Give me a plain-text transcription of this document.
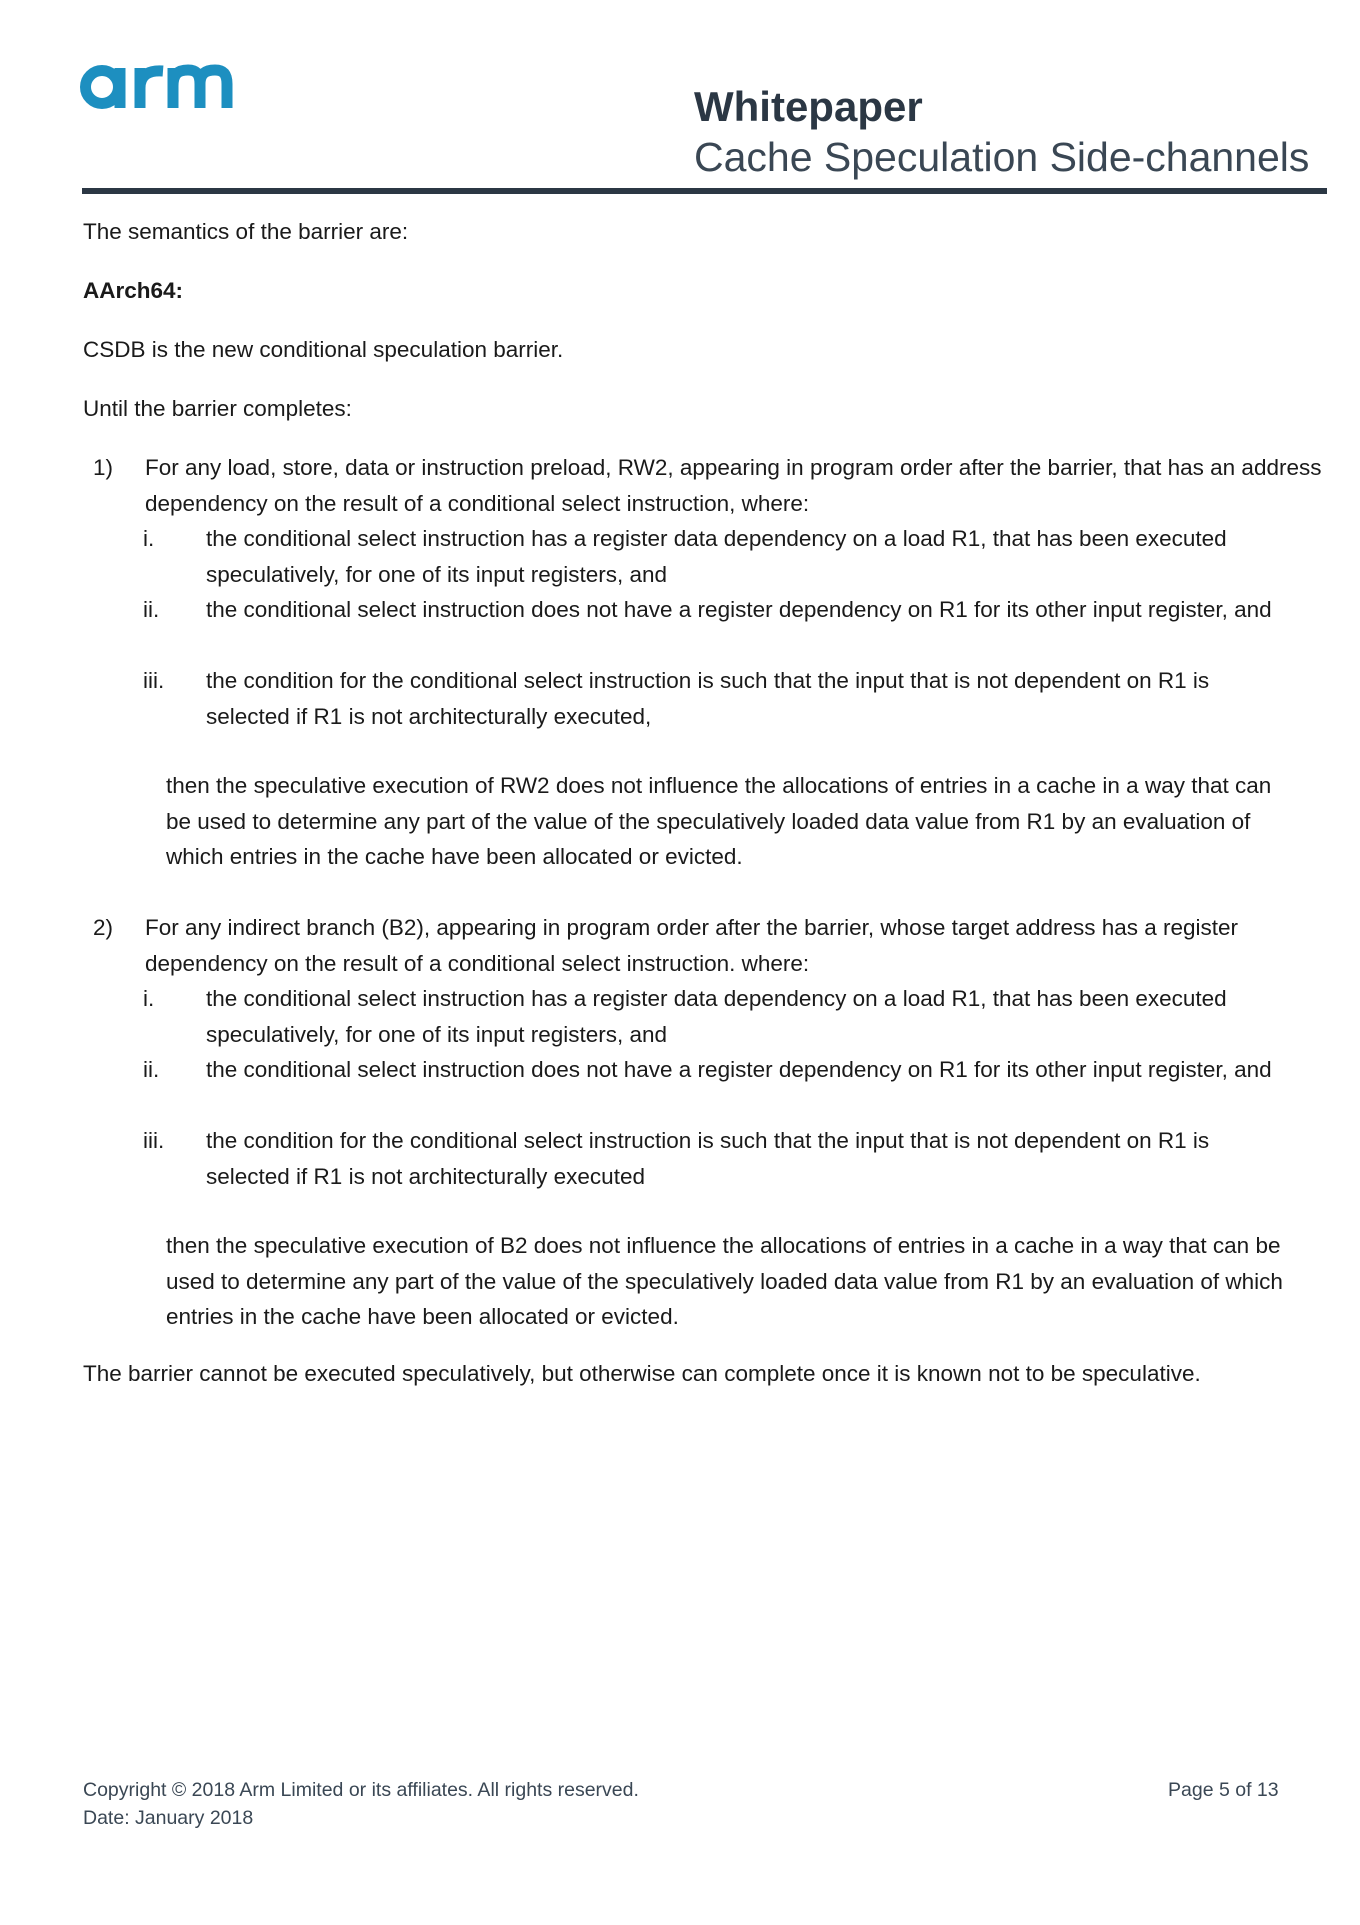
Whitepaper
Cache Speculation Side-channels
The semantics of the barrier are:
AArch64:
CSDB is the new conditional speculation barrier.
Until the barrier completes:
1) For any load, store, data or instruction preload, RW2, appearing in program order after the barrier, that has an address dependency on the result of a conditional select instruction, where:
i. the conditional select instruction has a register data dependency on a load R1, that has been executed speculatively, for one of its input registers, and
ii. the conditional select instruction does not have a register dependency on R1 for its other input register, and
iii. the condition for the conditional select instruction is such that the input that is not dependent on R1 is selected if R1 is not architecturally executed,
then the speculative execution of RW2 does not influence the allocations of entries in a cache in a way that can be used to determine any part of the value of the speculatively loaded data value from R1 by an evaluation of which entries in the cache have been allocated or evicted.
2) For any indirect branch (B2), appearing in program order after the barrier, whose target address has a register dependency on the result of a conditional select instruction. where:
i. the conditional select instruction has a register data dependency on a load R1, that has been executed speculatively, for one of its input registers, and
ii. the conditional select instruction does not have a register dependency on R1 for its other input register, and
iii. the condition for the conditional select instruction is such that the input that is not dependent on R1 is selected if R1 is not architecturally executed
then the speculative execution of B2 does not influence the allocations of entries in a cache in a way that can be used to determine any part of the value of the speculatively loaded data value from R1 by an evaluation of which entries in the cache have been allocated or evicted.
The barrier cannot be executed speculatively, but otherwise can complete once it is known not to be speculative.
Copyright © 2018 Arm Limited or its affiliates. All rights reserved.
Date: January 2018
Page 5 of 13
